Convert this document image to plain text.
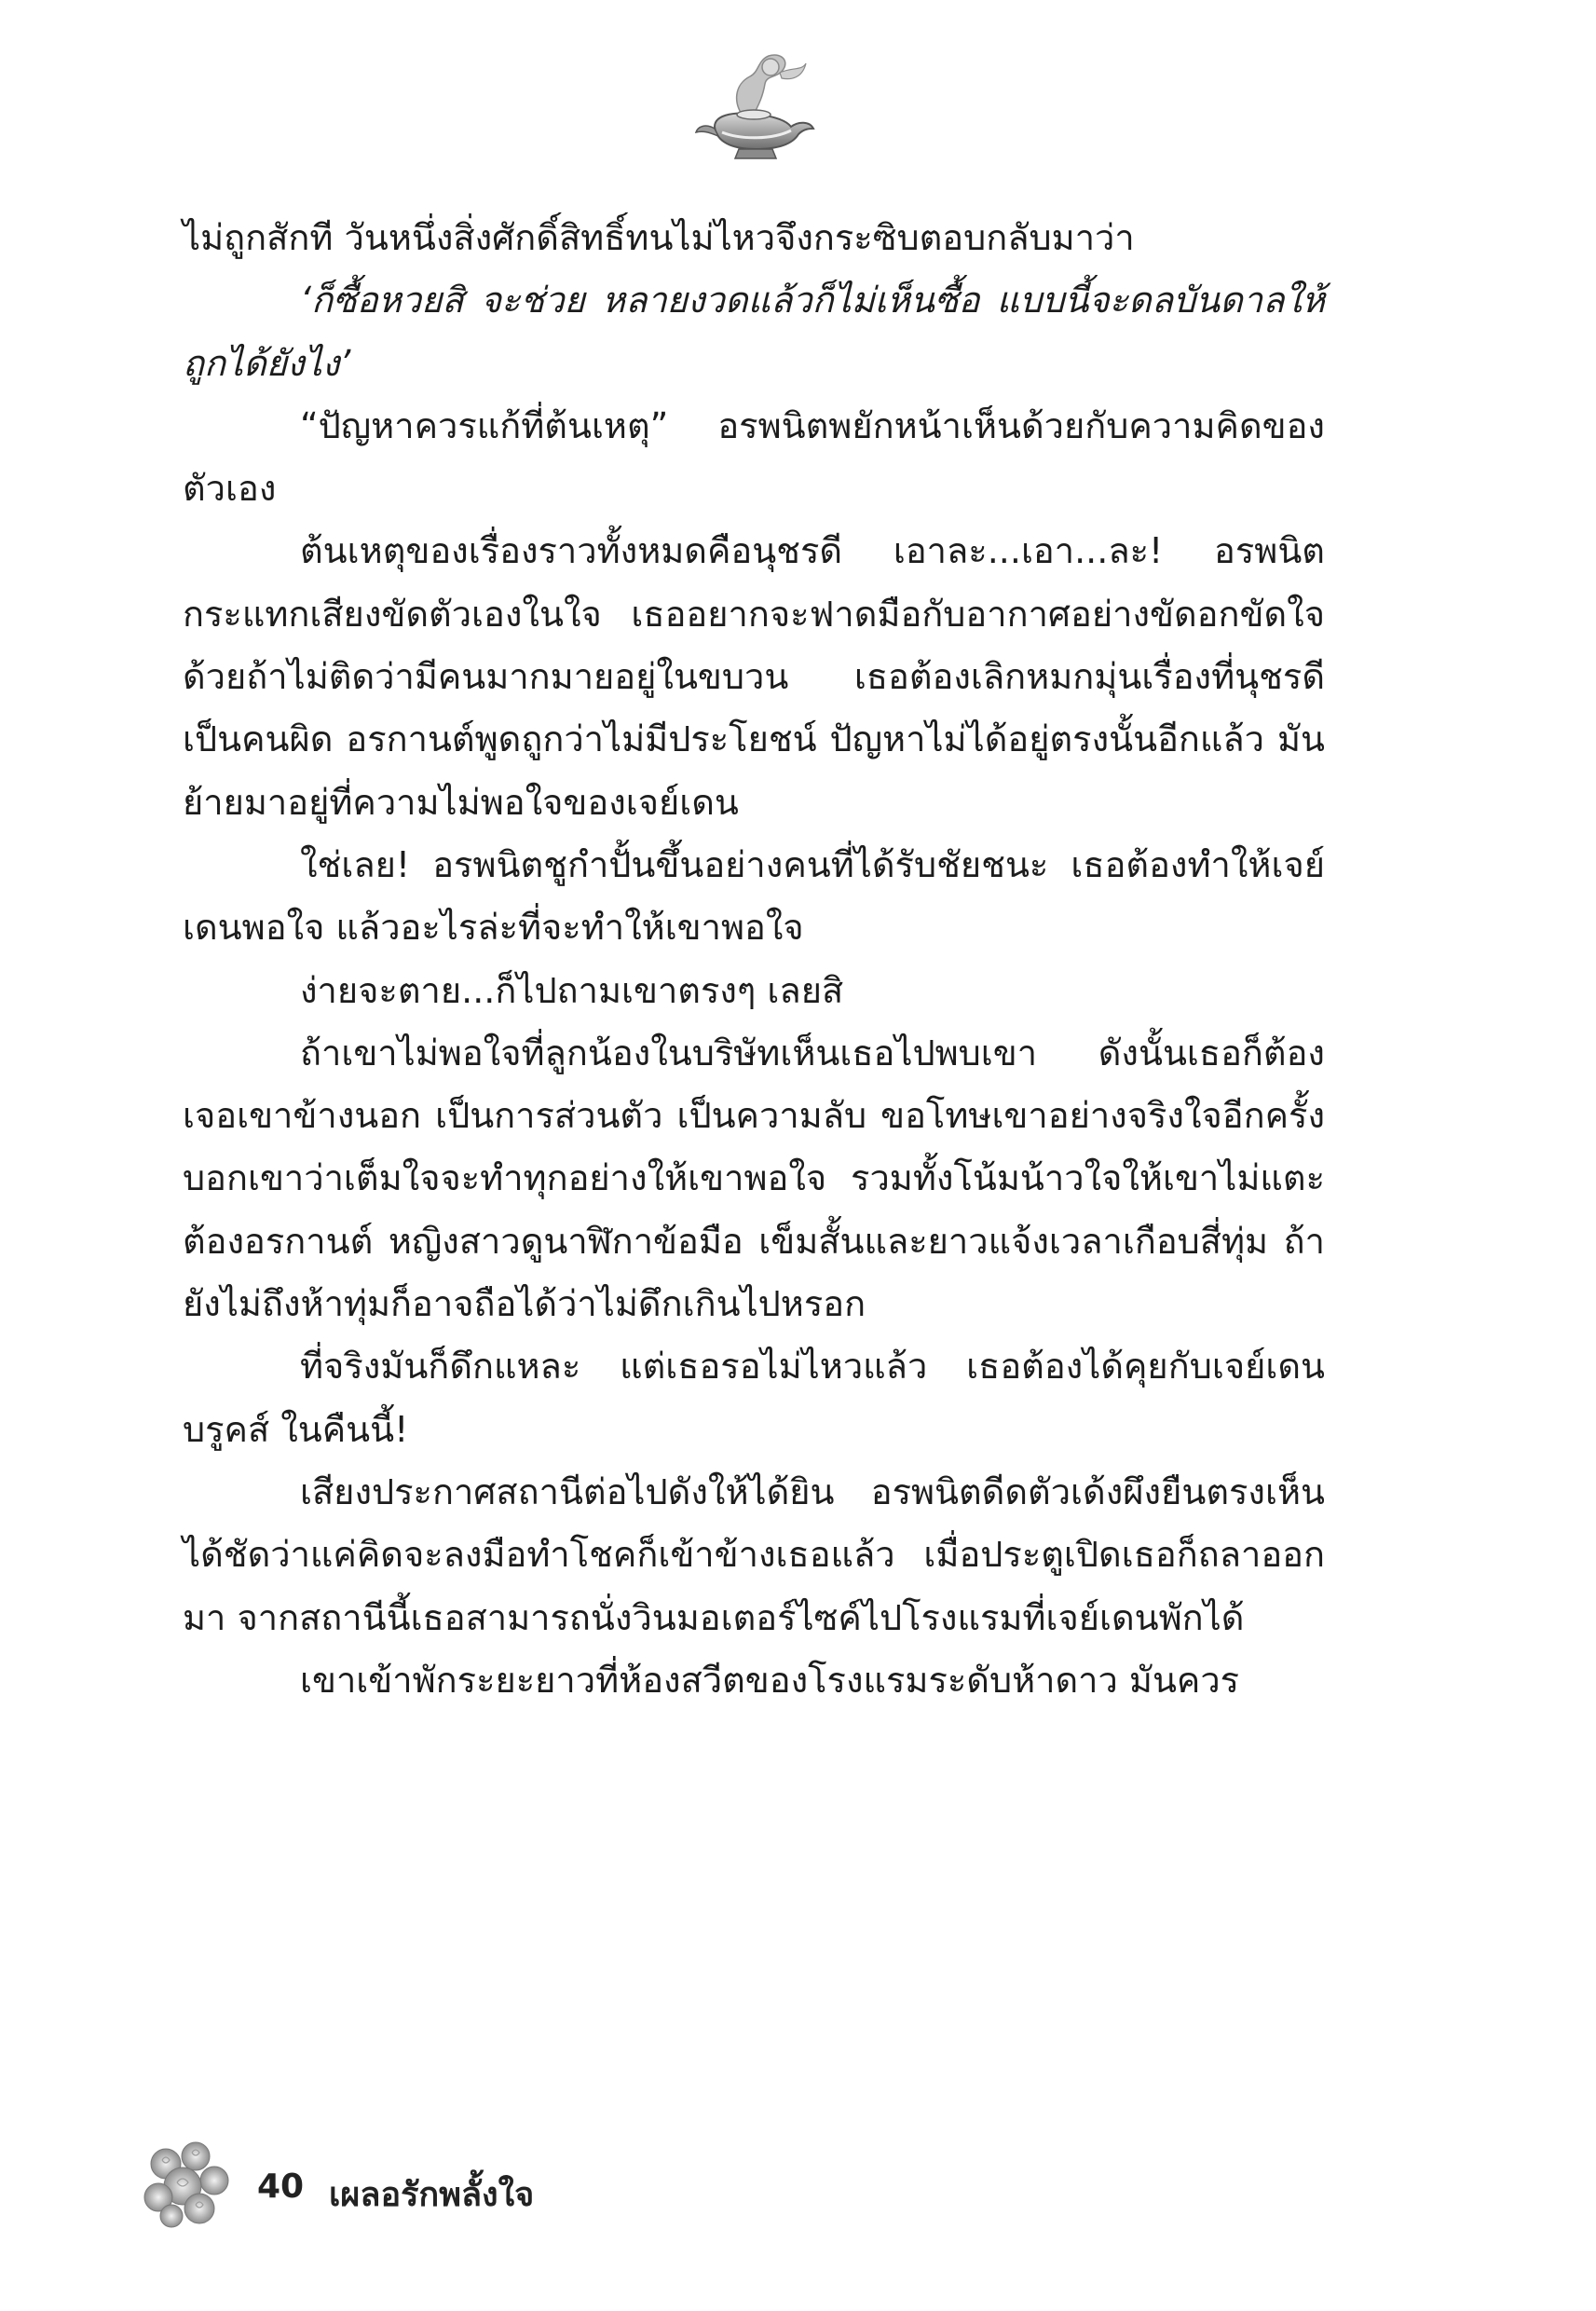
ไม่ถูกสักที วันหนึ่งสิ่งศักดิ์สิทธิ์ทนไม่ไหวจึงกระซิบตอบกลับมาว่า

‘ก็ซื้อหวยสิ จะช่วย หลายงวดแล้วก็ไม่เห็นซื้อ แบบนี้จะดลบันดาลให้ถูกได้ยังไง’

“ปัญหาควรแก้ที่ต้นเหตุ” อรพนิตพยักหน้าเห็นด้วยกับความคิดของตัวเอง

ต้นเหตุของเรื่องราวทั้งหมดคือนุชรดี เอาละ...เอา...ละ! อรพนิตกระแทกเสียงขัดตัวเองในใจ เธออยากจะฟาดมือกับอากาศอย่างขัดอกขัดใจด้วยถ้าไม่ติดว่ามีคนมากมายอยู่ในขบวน เธอต้องเลิกหมกมุ่นเรื่องที่นุชรดีเป็นคนผิด อรกานต์พูดถูกว่าไม่มีประโยชน์ ปัญหาไม่ได้อยู่ตรงนั้นอีกแล้ว มันย้ายมาอยู่ที่ความไม่พอใจของเจย์เดน

ใช่เลย! อรพนิตชูกำปั้นขึ้นอย่างคนที่ได้รับชัยชนะ เธอต้องทำให้เจย์เดนพอใจ แล้วอะไรล่ะที่จะทำให้เขาพอใจ

ง่ายจะตาย...ก็ไปถามเขาตรงๆ เลยสิ

ถ้าเขาไม่พอใจที่ลูกน้องในบริษัทเห็นเธอไปพบเขา ดังนั้นเธอก็ต้องเจอเขาข้างนอก เป็นการส่วนตัว เป็นความลับ ขอโทษเขาอย่างจริงใจอีกครั้ง บอกเขาว่าเต็มใจจะทำทุกอย่างให้เขาพอใจ รวมทั้งโน้มน้าวใจให้เขาไม่แตะต้องอรกานต์ หญิงสาวดูนาฬิกาข้อมือ เข็มสั้นและยาวแจ้งเวลาเกือบสี่ทุ่ม ถ้ายังไม่ถึงห้าทุ่มก็อาจถือได้ว่าไม่ดึกเกินไปหรอก

ที่จริงมันก็ดึกแหละ แต่เธอรอไม่ไหวแล้ว เธอต้องได้คุยกับเจย์เดน บรูคส์ ในคืนนี้!

เสียงประกาศสถานีต่อไปดังให้ได้ยิน อรพนิตดีดตัวเด้งผึงยืนตรงเห็นได้ชัดว่าแค่คิดจะลงมือทำโชคก็เข้าข้างเธอแล้ว เมื่อประตูเปิดเธอก็ถลาออกมา จากสถานีนี้เธอสามารถนั่งวินมอเตอร์ไซค์ไปโรงแรมที่เจย์เดนพักได้

เขาเข้าพักระยะยาวที่ห้องสวีตของโรงแรมระดับห้าดาว มันควร

40 เผลอรักพลั้งใจ
